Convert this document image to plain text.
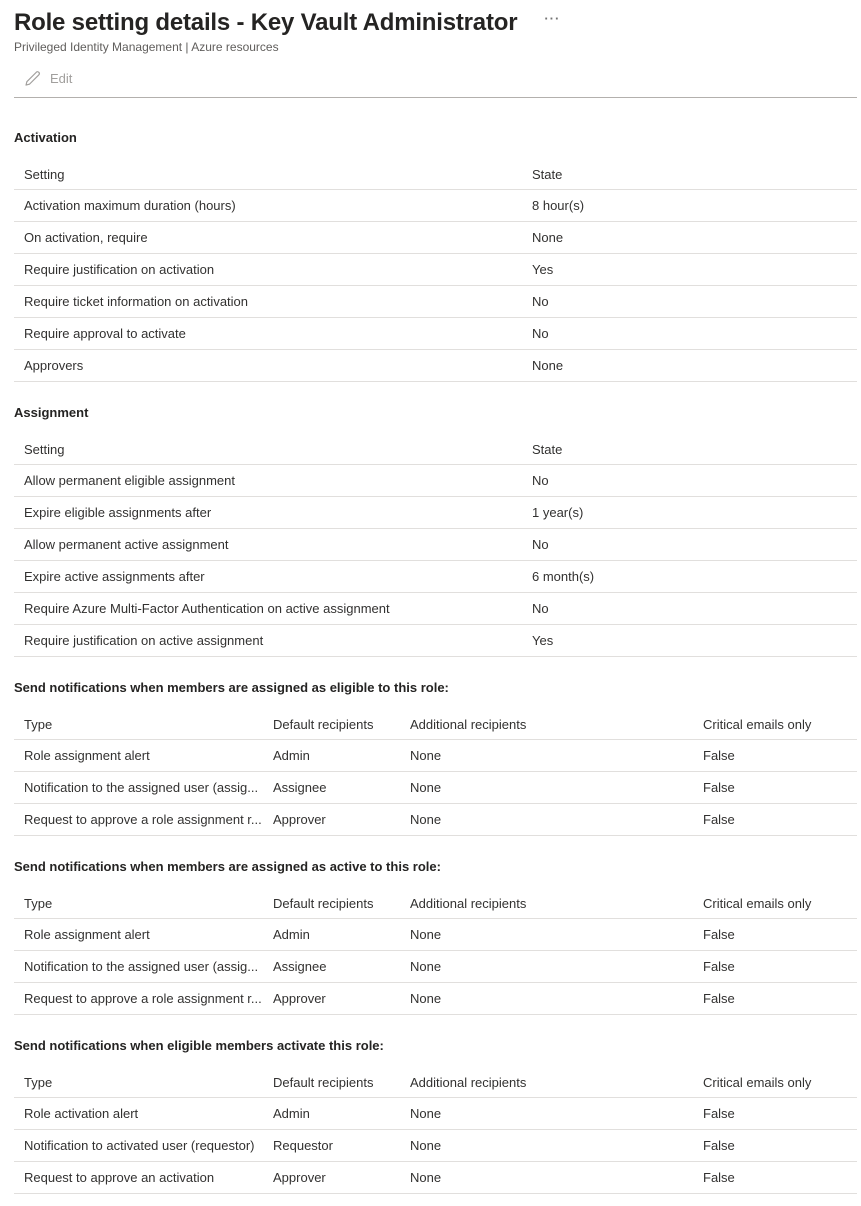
Role setting details - Key Vault Administrator ···
Privileged Identity Management | Azure resources
Edit
Activation
Setting	State
Activation maximum duration (hours)	8 hour(s)
On activation, require	None
Require justification on activation	Yes
Require ticket information on activation	No
Require approval to activate	No
Approvers	None
Assignment
Setting	State
Allow permanent eligible assignment	No
Expire eligible assignments after	1 year(s)
Allow permanent active assignment	No
Expire active assignments after	6 month(s)
Require Azure Multi-Factor Authentication on active assignment	No
Require justification on active assignment	Yes
Send notifications when members are assigned as eligible to this role:
Type	Default recipients	Additional recipients	Critical emails only
Role assignment alert	Admin	None	False
Notification to the assigned user (assig...	Assignee	None	False
Request to approve a role assignment r... Approver	None	False
Send notifications when members are assigned as active to this role:
Type	Default recipients	Additional recipients	Critical emails only
Role assignment alert	Admin	None	False
Notification to the assigned user (assig...	Assignee	None	False
Request to approve a role assignment r... Approver	None	False
Send notifications when eligible members activate this role:
Type	Default recipients	Additional recipients	Critical emails only
Role activation alert	Admin	None	False
Notification to activated user (requestor)	Requestor	None	False
Request to approve an activation	Approver	None	False
